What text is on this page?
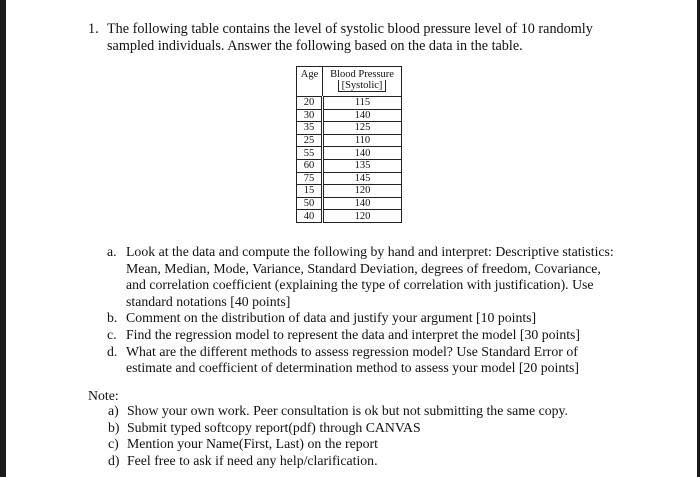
1. The following table contains the level of systolic blood pressure level of 10 randomly
sampled individuals. Answer the following based on the data in the table.
Age	Blood Pressure
[Systolic]
20	115
30	140
35	125
25	110
55	140
60	135
75	145
15	120
50	140
40	120
a. Look at the data and compute the following by hand and interpret: Descriptive statistics:
Mean, Median, Mode, Variance, Standard Deviation, degrees of freedom, Covariance,
and correlation coefficient (explaining the type of correlation with justification). Use
standard notations [40 points]
b. Comment on the distribution of data and justify your argument [10 points]
c. Find the regression model to represent the data and interpret the model [30 points]
d. What are the different methods to assess regression model? Use Standard Error of
estimate and coefficient of determination method to assess your model [20 points]
Note:
a) Show your own work. Peer consultation is ok but not submitting the same copy.
b) Submit typed softcopy report(pdf) through CANVAS
c) Mention your Name(First, Last) on the report
d) Feel free to ask if need any help/clarification.
